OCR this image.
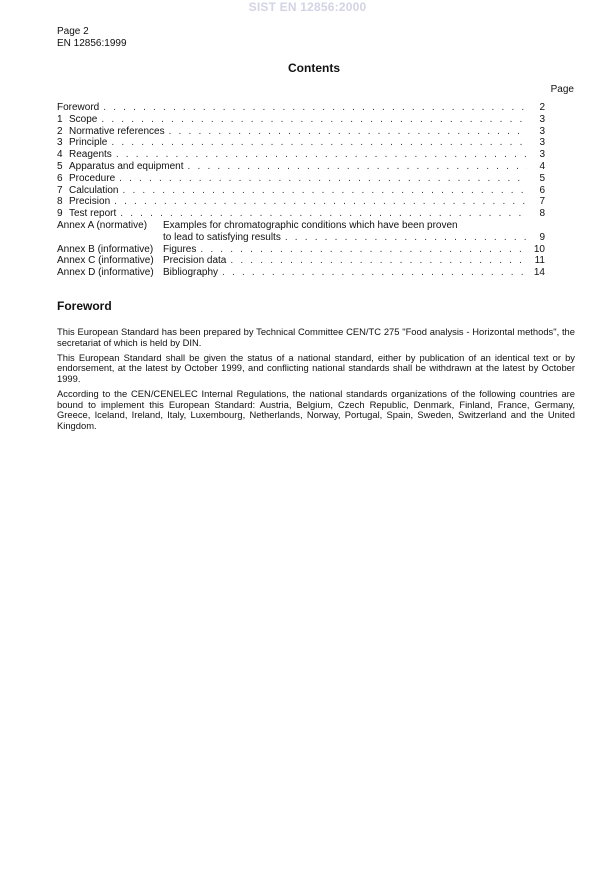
SIST EN 12856:2000
Page 2
EN 12856:1999
Contents
Page
Foreword . . .	2
1 Scope . . .	3
2 Normative references . . .	3
3 Principle . . .	3
4 Reagents . . .	3
5 Apparatus and equipment . . .	4
6 Procedure . . .	5
7 Calculation . . .	6
8 Precision . . .	7
9 Test report . . .	8
Annex A (normative)	Examples for chromatographic conditions which have been proven
to lead to satisfying results . . .	9
Annex B (informative) Figures . . .	10
Annex C (informative) Precision data . . .	11
Annex D (informative) Bibliography . . .	14
Foreword

This European Standard has been prepared by Technical Committee CEN/TC 275 "Food analysis - Horizontal methods", the secretariat of which is held by DIN.

This European Standard shall be given the status of a national standard, either by publication of an identical text or by endorsement, at the latest by October 1999, and conflicting national standards shall be withdrawn at the latest by October 1999.

According to the CEN/CENELEC Internal Regulations, the national standards organizations of the following countries are bound to implement this European Standard: Austria, Belgium, Czech Republic, Denmark, Finland, France, Germany, Greece, Iceland, Ireland, Italy, Luxembourg, Netherlands, Norway, Portugal, Spain, Sweden, Switzerland and the United Kingdom.
